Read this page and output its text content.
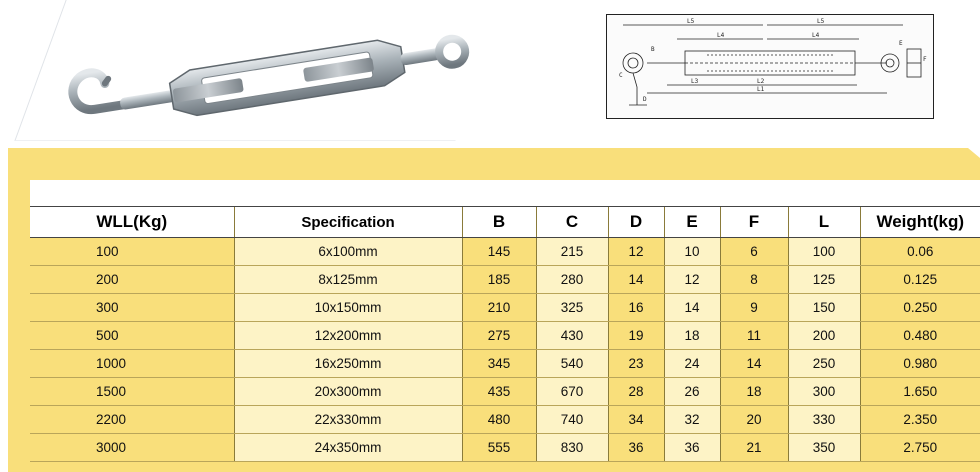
L5	L5
L4	L4
L3	L2
L1
B
C
D
E
F
WLL(Kg)	Specification	B	C	D	E	F	L	Weight(kg)
100	6x100mm	145	215	12	10	6	100	0.06
200	8x125mm	185	280	14	12	8	125	0.125
300	10x150mm	210	325	16	14	9	150	0.250
500	12x200mm	275	430	19	18	11	200	0.480
1000	16x250mm	345	540	23	24	14	250	0.980
1500	20x300mm	435	670	28	26	18	300	1.650
2200	22x330mm	480	740	34	32	20	330	2.350
3000	24x350mm	555	830	36	36	21	350	2.750
